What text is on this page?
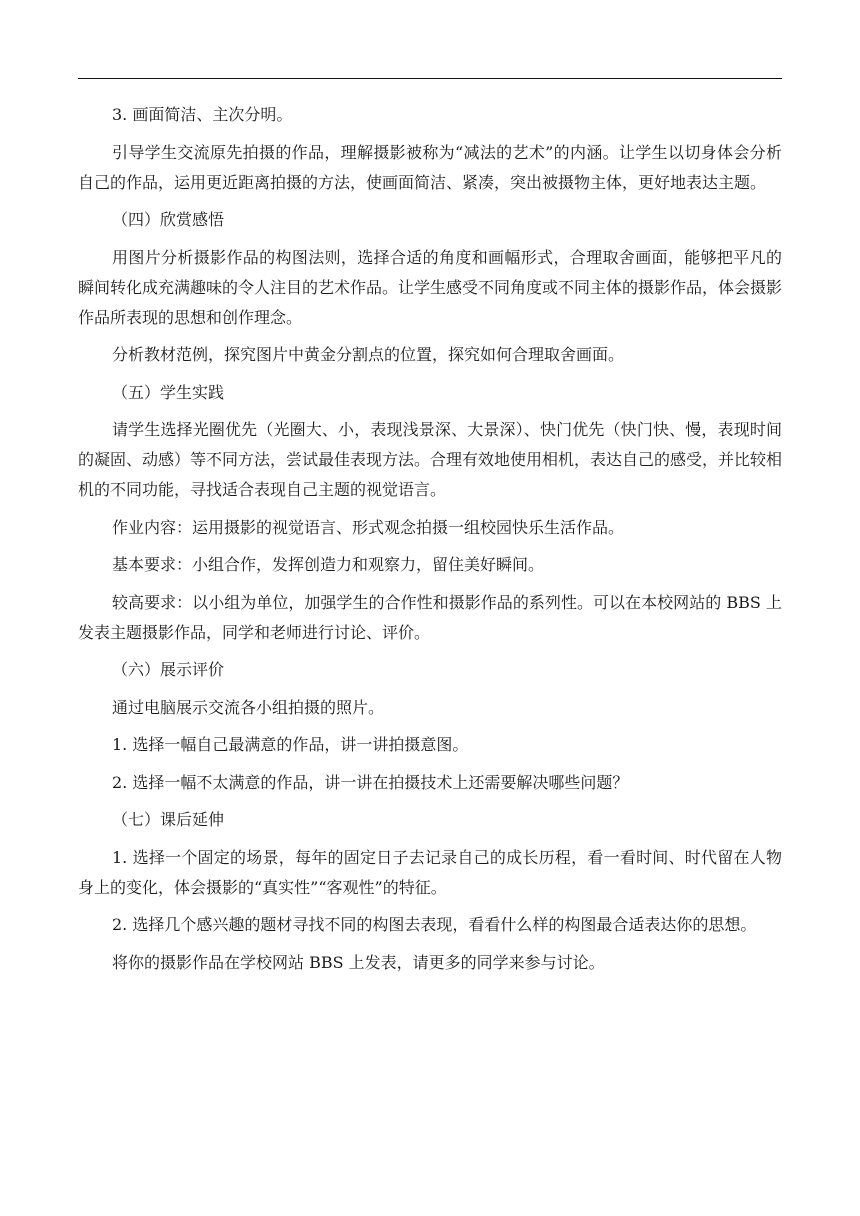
3. 画面简洁、主次分明。

引导学生交流原先拍摄的作品，理解摄影被称为“减法的艺术”的内涵。让学生以切身体会分析自己的作品，运用更近距离拍摄的方法，使画面简洁、紧凑，突出被摄物主体，更好地表达主题。

（四）欣赏感悟

用图片分析摄影作品的构图法则，选择合适的角度和画幅形式，合理取舍画面，能够把平凡的瞬间转化成充满趣味的令人注目的艺术作品。让学生感受不同角度或不同主体的摄影作品，体会摄影作品所表现的思想和创作理念。

分析教材范例，探究图片中黄金分割点的位置，探究如何合理取舍画面。

（五）学生实践

请学生选择光圈优先（光圈大、小，表现浅景深、大景深）、快门优先（快门快、慢，表现时间的凝固、动感）等不同方法，尝试最佳表现方法。合理有效地使用相机，表达自己的感受，并比较相机的不同功能，寻找适合表现自己主题的视觉语言。

作业内容：运用摄影的视觉语言、形式观念拍摄一组校园快乐生活作品。

基本要求：小组合作，发挥创造力和观察力，留住美好瞬间。

较高要求：以小组为单位，加强学生的合作性和摄影作品的系列性。可以在本校网站的 BBS 上发表主题摄影作品，同学和老师进行讨论、评价。

（六）展示评价

通过电脑展示交流各小组拍摄的照片。

1. 选择一幅自己最满意的作品，讲一讲拍摄意图。

2. 选择一幅不太满意的作品，讲一讲在拍摄技术上还需要解决哪些问题？

（七）课后延伸

1. 选择一个固定的场景，每年的固定日子去记录自己的成长历程，看一看时间、时代留在人物身上的变化，体会摄影的“真实性”“客观性”的特征。

2. 选择几个感兴趣的题材寻找不同的构图去表现，看看什么样的构图最合适表达你的思想。

将你的摄影作品在学校网站 BBS 上发表，请更多的同学来参与讨论。
